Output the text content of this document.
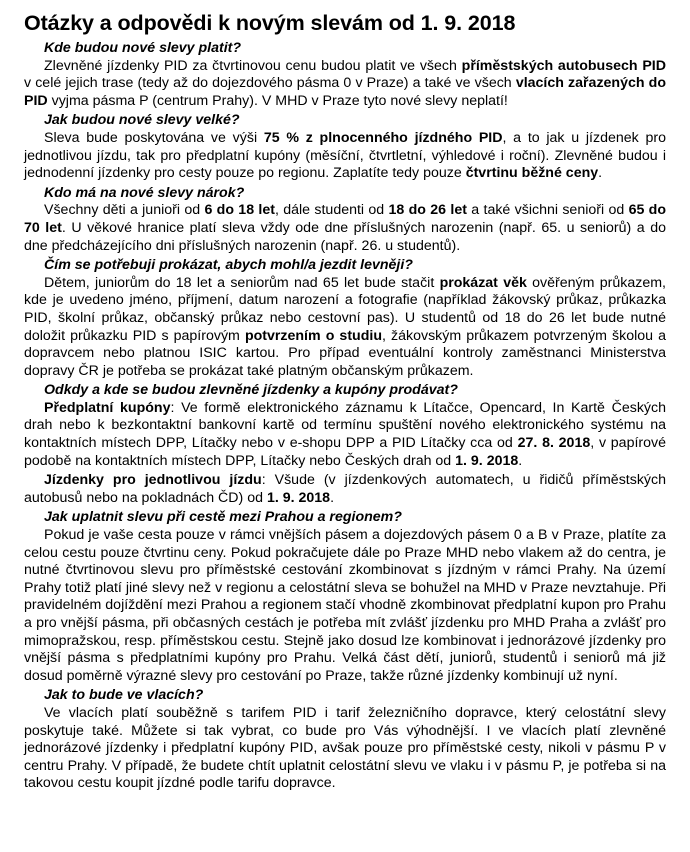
Otázky a odpovědi k novým slevám od 1. 9. 2018
Kde budou nové slevy platit?
Zlevněné jízdenky PID za čtvrtinovou cenu budou platit ve všech příměstských autobusech PID v celé jejich trase (tedy až do dojezdového pásma 0 v Praze) a také ve všech vlacích zařazených do PID vyjma pásma P (centrum Prahy). V MHD v Praze tyto nové slevy neplatí!
Jak budou nové slevy velké?
Sleva bude poskytována ve výši 75 % z plnocenného jízdného PID, a to jak u jízdenek pro jednotlivou jízdu, tak pro předplatní kupóny (měsíční, čtvrtletní, výhledové i roční). Zlevněné budou i jednodenní jízdenky pro cesty pouze po regionu. Zaplatíte tedy pouze čtvrtinu běžné ceny.
Kdo má na nové slevy nárok?
Všechny děti a junioři od 6 do 18 let, dále studenti od 18 do 26 let a také všichni senioři od 65 do 70 let. U věkové hranice platí sleva vždy ode dne příslušných narozenin (např. 65. u seniorů) a do dne předcházejícího dni příslušných narozenin (např. 26. u studentů).
Čím se potřebuji prokázat, abych mohl/a jezdit levněji?
Dětem, juniorům do 18 let a seniorům nad 65 let bude stačit prokázat věk ověřeným průkazem, kde je uvedeno jméno, příjmení, datum narození a fotografie (například žákovský průkaz, průkazka PID, školní průkaz, občanský průkaz nebo cestovní pas). U studentů od 18 do 26 let bude nutné doložit průkazku PID s papírovým potvrzením o studiu, žákovským průkazem potvrzeným školou a dopravcem nebo platnou ISIC kartou. Pro případ eventuální kontroly zaměstnanci Ministerstva dopravy ČR je potřeba se prokázat také platným občanským průkazem.
Odkdy a kde se budou zlevněné jízdenky a kupóny prodávat?
Předplatní kupóny: Ve formě elektronického záznamu k Lítačce, Opencard, In Kartě Českých drah nebo k bezkontaktní bankovní kartě od termínu spuštění nového elektronického systému na kontaktních místech DPP, Lítačky nebo v e-shopu DPP a PID Lítačky cca od 27. 8. 2018, v papírové podobě na kontaktních místech DPP, Lítačky nebo Českých drah od 1. 9. 2018.
Jízdenky pro jednotlivou jízdu: Všude (v jízdenkových automatech, u řidičů příměstských autobusů nebo na pokladnách ČD) od 1. 9. 2018.
Jak uplatnit slevu při cestě mezi Prahou a regionem?
Pokud je vaše cesta pouze v rámci vnějších pásem a dojezdových pásem 0 a B v Praze, platíte za celou cestu pouze čtvrtinu ceny. Pokud pokračujete dále po Praze MHD nebo vlakem až do centra, je nutné čtvrtinovou slevu pro příměstské cestování zkombinovat s jízdným v rámci Prahy. Na území Prahy totiž platí jiné slevy než v regionu a celostátní sleva se bohužel na MHD v Praze nevztahuje. Při pravidelném dojíždění mezi Prahou a regionem stačí vhodně zkombinovat předplatní kupon pro Prahu a pro vnější pásma, při občasných cestách je potřeba mít zvlášť jízdenku pro MHD Praha a zvlášť pro mimopražskou, resp. příměstskou cestu. Stejně jako dosud lze kombinovat i jednorázové jízdenky pro vnější pásma s předplatními kupóny pro Prahu. Velká část dětí, juniorů, studentů i seniorů má již dosud poměrně výrazné slevy pro cestování po Praze, takže různé jízdenky kombinují už nyní.
Jak to bude ve vlacích?
Ve vlacích platí souběžně s tarifem PID i tarif železničního dopravce, který celostátní slevy poskytuje také. Můžete si tak vybrat, co bude pro Vás výhodnější. I ve vlacích platí zlevněné jednorázové jízdenky i předplatní kupóny PID, avšak pouze pro příměstské cesty, nikoli v pásmu P v centru Prahy. V případě, že budete chtít uplatnit celostátní slevu ve vlaku i v pásmu P, je potřeba si na takovou cestu koupit jízdné podle tarifu dopravce.
